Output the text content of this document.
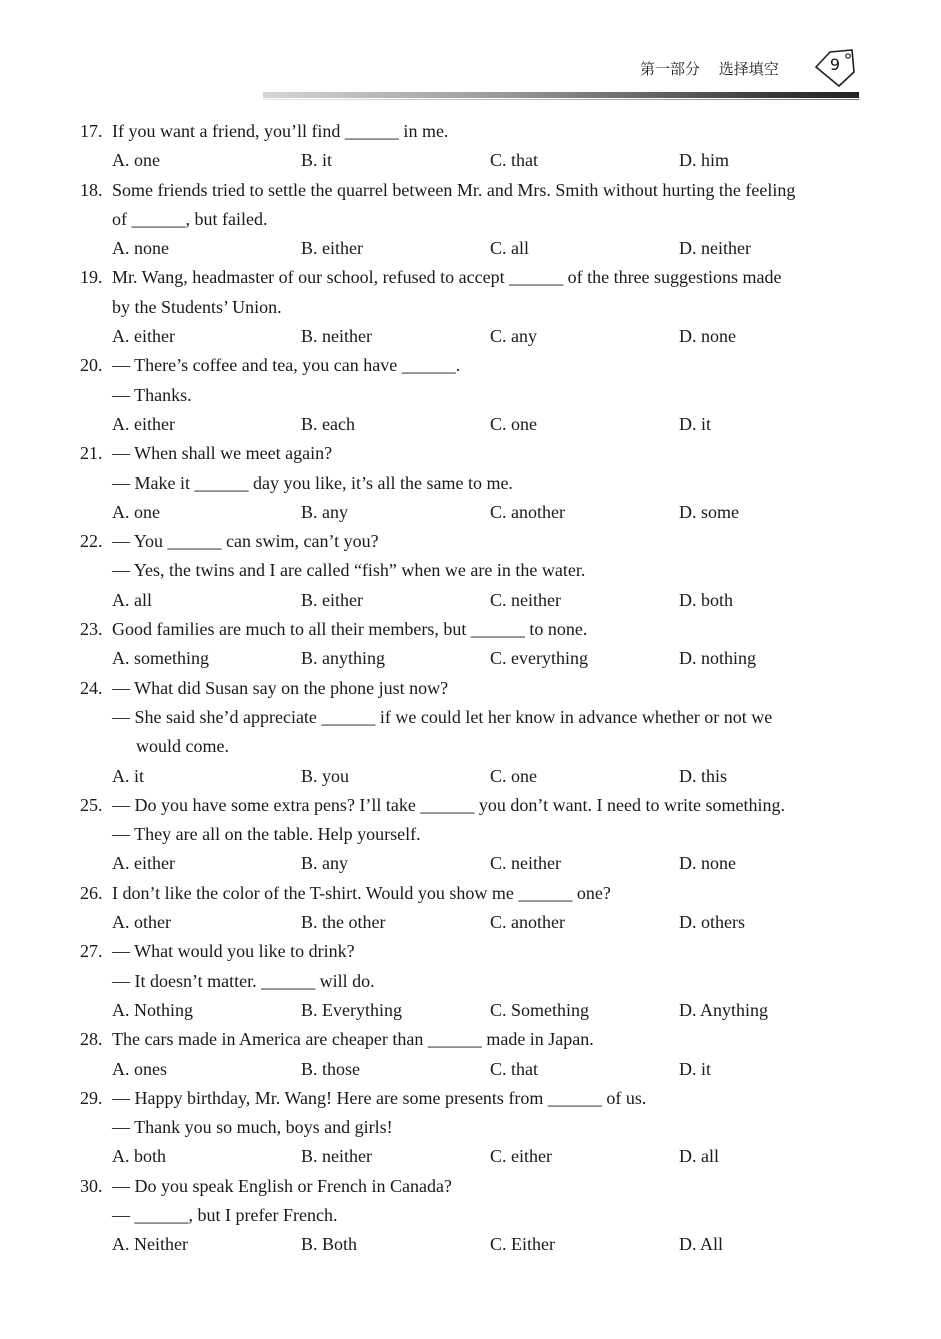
第一部分 选择填空	9
17. If you want a friend, you’ll find ______ in me.
A. one	B. it	C. that	D. him
18. Some friends tried to settle the quarrel between Mr. and Mrs. Smith without hurting the feeling
of ______, but failed.
A. none	B. either	C. all	D. neither
19. Mr. Wang, headmaster of our school, refused to accept ______ of the three suggestions made
by the Students’ Union.
A. either	B. neither	C. any	D. none
20. — There’s coffee and tea, you can have ______.
— Thanks.
A. either	B. each	C. one	D. it
21. — When shall we meet again?
— Make it ______ day you like, it’s all the same to me.
A. one	B. any	C. another	D. some
22. — You ______ can swim, can’t you?
— Yes, the twins and I are called “fish” when we are in the water.
A. all	B. either	C. neither	D. both
23. Good families are much to all their members, but ______ to none.
A. something	B. anything	C. everything	D. nothing
24. — What did Susan say on the phone just now?
— She said she’d appreciate ______ if we could let her know in advance whether or not we
would come.
A. it	B. you	C. one	D. this
25. — Do you have some extra pens? I’ll take ______ you don’t want. I need to write something.
— They are all on the table. Help yourself.
A. either	B. any	C. neither	D. none
26. I don’t like the color of the T-shirt. Would you show me ______ one?
A. other	B. the other	C. another	D. others
27. — What would you like to drink?
— It doesn’t matter. ______ will do.
A. Nothing	B. Everything	C. Something	D. Anything
28. The cars made in America are cheaper than ______ made in Japan.
A. ones	B. those	C. that	D. it
29. — Happy birthday, Mr. Wang! Here are some presents from ______ of us.
— Thank you so much, boys and girls!
A. both	B. neither	C. either	D. all
30. — Do you speak English or French in Canada?
— ______, but I prefer French.
A. Neither	B. Both	C. Either	D. All
